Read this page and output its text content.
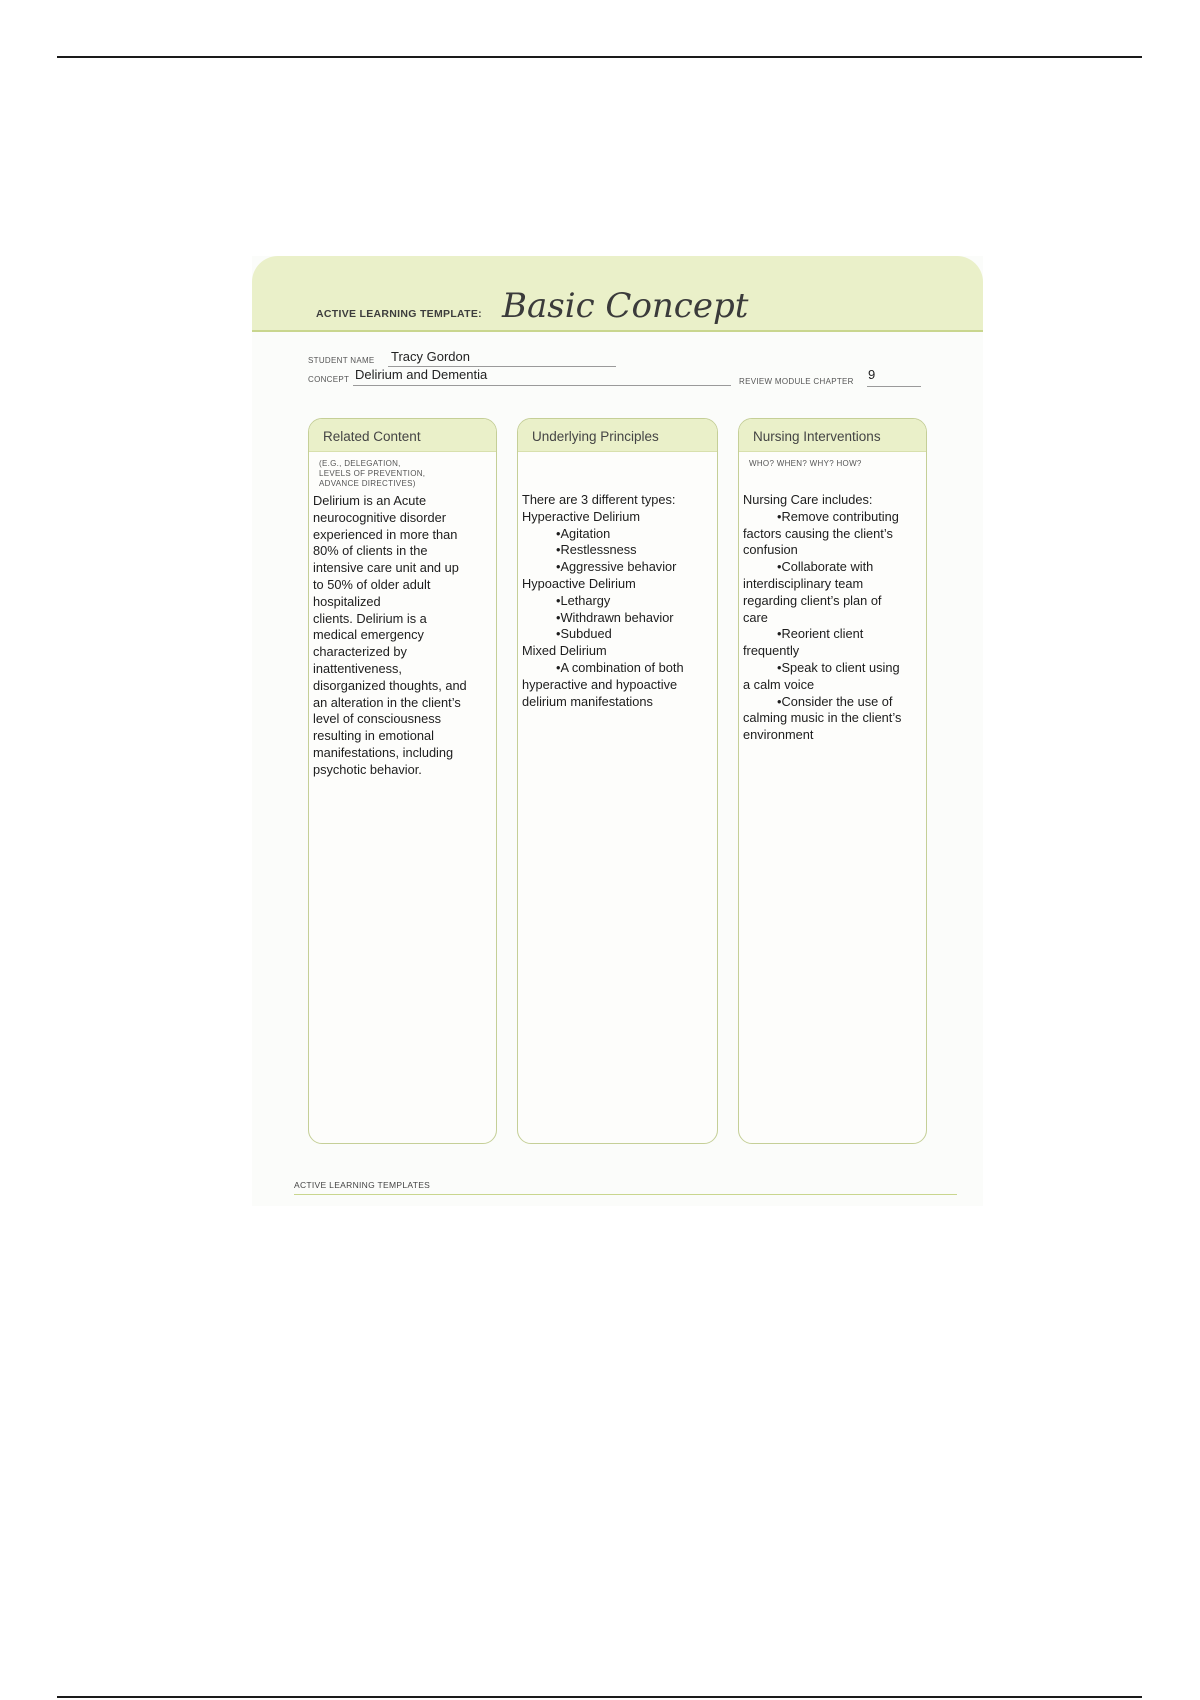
ACTIVE LEARNING TEMPLATE: Basic Concept
STUDENT NAME Tracy Gordon
CONCEPT Delirium and Dementia	REVIEW MODULE CHAPTER 9
Related Content
(E.G., DELEGATION,
LEVELS OF PREVENTION,
ADVANCE DIRECTIVES)
Delirium is an Acute
neurocognitive disorder
experienced in more than
80% of clients in the
intensive care unit and up
to 50% of older adult
hospitalized
clients. Delirium is a
medical emergency
characterized by
inattentiveness,
disorganized thoughts, and
an alteration in the client’s
level of consciousness
resulting in emotional
manifestations, including
psychotic behavior.
Underlying Principles
There are 3 different types:
Hyperactive Delirium
•Agitation
•Restlessness
•Aggressive behavior
Hypoactive Delirium
•Lethargy
•Withdrawn behavior
•Subdued
Mixed Delirium
•A combination of both
hyperactive and hypoactive
delirium manifestations
Nursing Interventions
WHO? WHEN? WHY? HOW?
Nursing Care includes:
•Remove contributing
factors causing the client’s
confusion
•Collaborate with
interdisciplinary team
regarding client’s plan of
care
•Reorient client
frequently
•Speak to client using
a calm voice
•Consider the use of
calming music in the client’s
environment
ACTIVE LEARNING TEMPLATES
